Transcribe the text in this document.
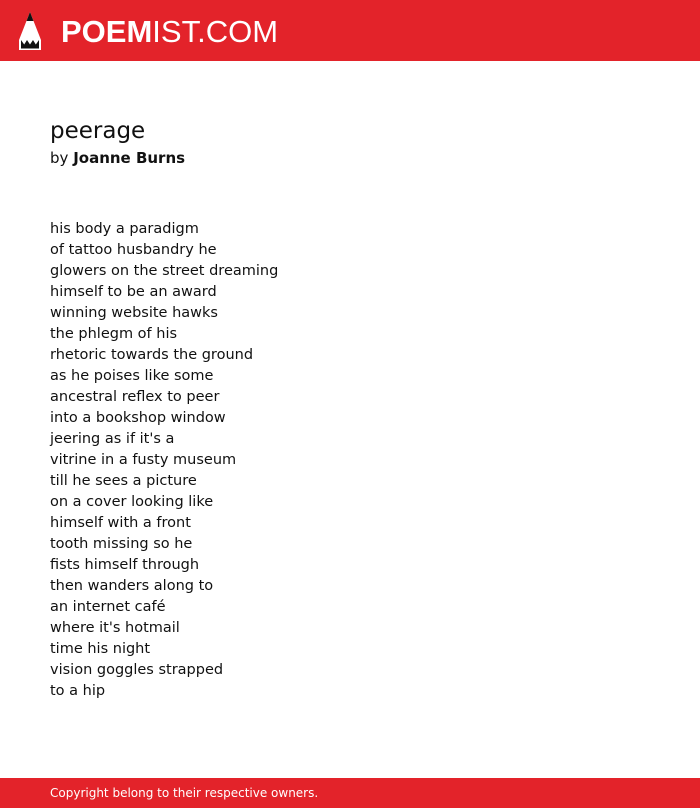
POEMIST.COM
peerage
by Joanne Burns
his body a paradigm
of tattoo husbandry he
glowers on the street dreaming
himself to be an award
winning website hawks
the phlegm of his
rhetoric towards the ground
as he poises like some
ancestral reflex to peer
into a bookshop window
jeering as if it's a
vitrine in a fusty museum
till he sees a picture
on a cover looking like
himself with a front
tooth missing so he
fists himself through
then wanders along to
an internet café
where it's hotmail
time his night
vision goggles strapped
to a hip
Copyright belong to their respective owners.
